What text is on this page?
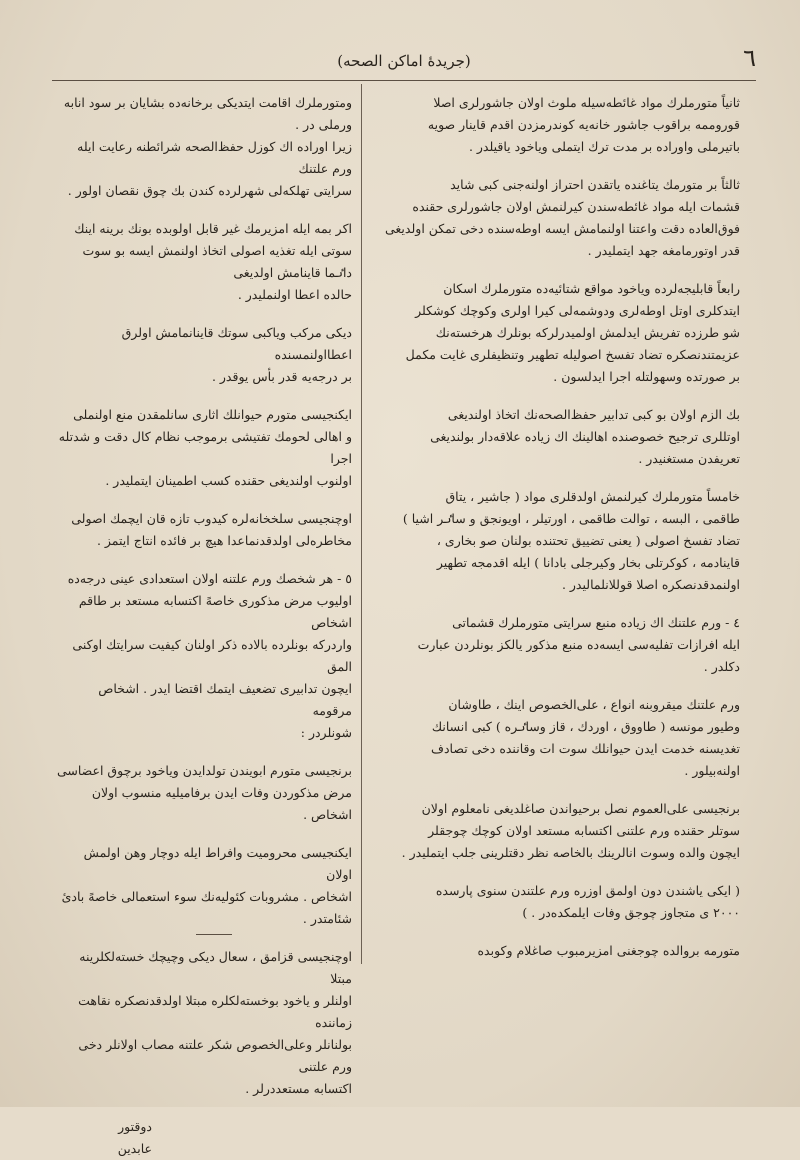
(جريدهٔ اماكن الصحه)	٦

ثانياً متورملرك مواد غائطه‌سيله ملوث اولان جاشورلرى اصلا
قوروممه براقوب جاشور خانه‌يه كوندرمزدن اقدم قاينار صويه
باتيرملى واوراده بر مدت ترك ايتملى وياخود ياقيلدر .

ثالثاً بر متورمك يتاغنده ياتقدن احتراز اولنه‌جنى كبى شايد
قشمات ايله مواد غائطه‌سندن كيرلنمش اولان جاشورلرى حقنده
فوق‌العاده دقت واعتنا اولنمامش ايسه اوطه‌سنده دخى تمكن اولديغى
قدر اوتورمامغه جهد ايتمليدر .

رابعاً قابليجه‌لرده وياخود مواقع شتائيه‌ده متورملرك اسكان
ايتدكلرى اوتل اوطه‌لرى ودوشمه‌لى كيرا اولرى وكوچك كوشكلر
شو طرزده تفريش ايدلمش اولميدرلركه بونلرك هرخسته‌نك
عزيمتندنصكره تضاد تفسخ اصوليله تطهير وتنظيفلرى غايت مكمل
بر صورتده وسهولتله اجرا ايدلسون .

بك الزم اولان بو كبى تدابير حفظ‌الصحه‌نك اتخاذ اولنديغى
اوتللرى ترجيح خصوصنده اهالينك اك زياده علاقه‌دار بولنديغى
تعريفدن مستغنيدر .

خامساً متورملرك كيرلنمش اولدقلرى مواد ( جاشير ، يتاق
طاقمى ، البسه ، توالت طاقمى ، اورتيلر ، اويونجق و ساٸر اشيا )
تضاد تفسخ اصولى ( يعنى تضييق تحتنده بولنان صو بخارى ،
قاينادمه ، كوكرتلى بخار وكيرجلى بادانا ) ايله اقدمجه تطهير
اولنمدقدنصكره اصلا قوللانلماليدر .

٤ - ورم علتنك اك زياده منبع سرايتى متورملرك قشماتى
ايله افرازات تفليه‌سى ايسه‌ده منبع مذكور يالكز بونلردن عبارت
دكلدر .

ورم علتنك ميقروبنه انواع ، على‌الخصوص اينك ، طاوشان
وطيور مونسه ( طاووق ، اوردك ، قاز وساٸره ) كبى انسانك
تغديسنه خدمت ايدن حيوانلك سوت ات وقاننده دخى تصادف
اولنه‌بيلور .

برنجيسى على‌العموم نصل برحيواندن صاغلديغى نامعلوم اولان
سوتلر حقنده ورم علتنى اكتسابه مستعد اولان كوچك چوجقلر
ايچون والده وسوت انالرينك بالخاصه نظر دقتلرينى جلب ايتمليدر .

( ايكى ياشندن دون اولمق اوزره ورم علتندن سنوى پارسده
٢٠٠٠ ى متجاوز چوجق وفات ايلمكده‌در . )

متورمه بروالده چوجغنى امزيرمبوب صاغلام وكوبده

ومتورملرك اقامت ايتديكى برخانه‌ده بشايان بر سود انابه ورملى در .
زيرا اوراده اك كوزل حفظ‌الصحه شرائطنه رعايت ايله ورم علتنك
سرايتى تهلكه‌لى شهرلرده كندن بك چوق نقصان اولور .

اكر بمه ايله امزيرمك غير قابل اولوبده بونك برينه اينك
سوتى ايله تغذيه اصولى اتخاذ اولنمش ايسه بو سوت داٸما قاينامش اولديغى
حالده اعطا اولنمليدر .

ديكى مركب وياكبى سوتك قاينانمامش اولرق اعطااولنمسنده
بر درجه‌يه قدر بأس يوقدر .

ايكنجيسى متورم حيوانلك اثارى سانلمقدن منع اولنملى
و اهالى لحومك تفتيشى برموجب نظام كال دقت و شدتله اجرا
اولنوب اولنديغى حقنده كسب اطمينان ايتمليدر .

اوچنجيسى سلخخانه‌لره كيدوب تازه قان ايچمك اصولى
مخاطره‌لى اولدقدنماعدا هيچ بر فائده انتاج ايتمز .

٥ - هر شخصك ورم علتنه اولان استعدادى عينى درجه‌ده
اوليوب مرض مذكورى خاصهً اكتسابه مستعد بر طاقم اشخاص
واردركه بونلرده بالاده ذكر اولنان كيفيت سرايتك اوكنى المق
ايچون تدابيرى تضعيف ايتمك اقتضا ايدر . اشخاص مرقومه
شونلردر :

برنجيسى متورم ابويندن تولدايدن وياخود برچوق اعضاسى
مرض مذكوردن وفات ايدن برفاميليه منسوب اولان اشخاص .

ايكنجيسى محروميت وافراط ايله دوچار وهن اولمش اولان
اشخاص . مشروبات كئوليه‌نك سوء استعمالى خاصهً بادئ
شئامتدر .

اوچنجيسى قزامق ، سعال ديكى وچيچك خسته‌لكلرينه مبتلا
اولنلر و ياخود بوخسته‌لكلره مبتلا اولدقدنصكره نقاهت زماننده
بولنانلر وعلى‌الخصوص شكر علتنه مصاب اولانلر دخى ورم علتنى
اكتسابه مستعددرلر .

دوقتور
عابدين
